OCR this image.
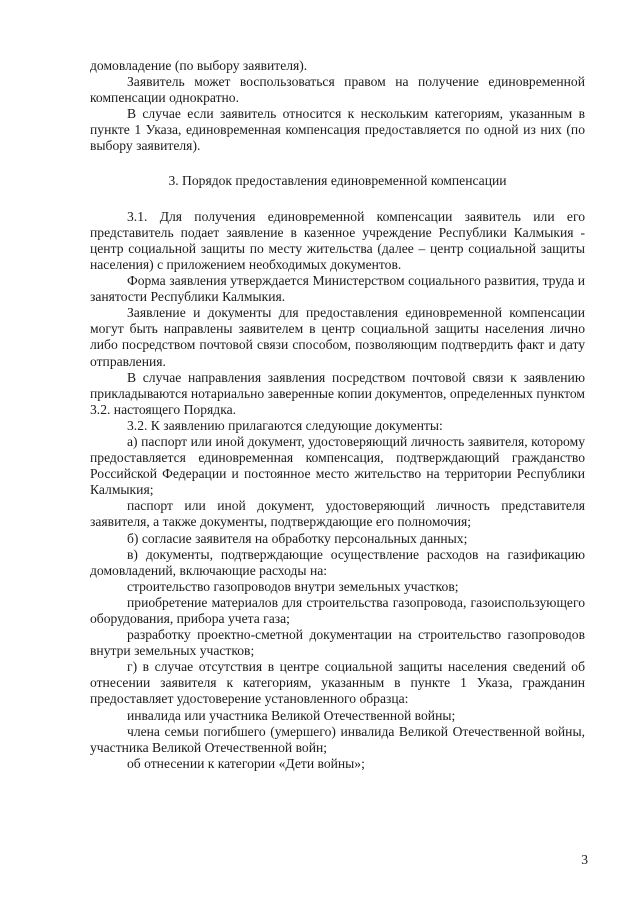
домовладение (по выбору заявителя).

Заявитель может воспользоваться правом на получение единовременной компенсации однократно.

В случае если заявитель относится к нескольким категориям, указанным в пункте 1 Указа, единовременная компенсация предоставляется по одной из них (по выбору заявителя).

3. Порядок предоставления единовременной компенсации

3.1. Для получения единовременной компенсации заявитель или его представитель подает заявление в казенное учреждение Республики Калмыкия - центр социальной защиты по месту жительства (далее – центр социальной защиты населения) с приложением необходимых документов.

Форма заявления утверждается Министерством социального развития, труда и занятости Республики Калмыкия.

Заявление и документы для предоставления единовременной компенсации могут быть направлены заявителем в центр социальной защиты населения лично либо посредством почтовой связи способом, позволяющим подтвердить факт и дату отправления.

В случае направления заявления посредством почтовой связи к заявлению прикладываются нотариально заверенные копии документов, определенных пунктом 3.2. настоящего Порядка.

3.2. К заявлению прилагаются следующие документы:

а) паспорт или иной документ, удостоверяющий личность заявителя, которому предоставляется единовременная компенсация, подтверждающий гражданство Российской Федерации и постоянное место жительство на территории Республики Калмыкия;

паспорт или иной документ, удостоверяющий личность представителя заявителя, а также документы, подтверждающие его полномочия;

б) согласие заявителя на обработку персональных данных;

в) документы, подтверждающие осуществление расходов на газификацию домовладений, включающие расходы на:

строительство газопроводов внутри земельных участков;

приобретение материалов для строительства газопровода, газоиспользующего оборудования, прибора учета газа;

разработку проектно-сметной документации на строительство газопроводов внутри земельных участков;

г) в случае отсутствия в центре социальной защиты населения сведений об отнесении заявителя к категориям, указанным в пункте 1 Указа, гражданин предоставляет удостоверение установленного образца:

инвалида или участника Великой Отечественной войны;

члена семьи погибшего (умершего) инвалида Великой Отечественной войны, участника Великой Отечественной войн;

об отнесении к категории «Дети войны»;

3
